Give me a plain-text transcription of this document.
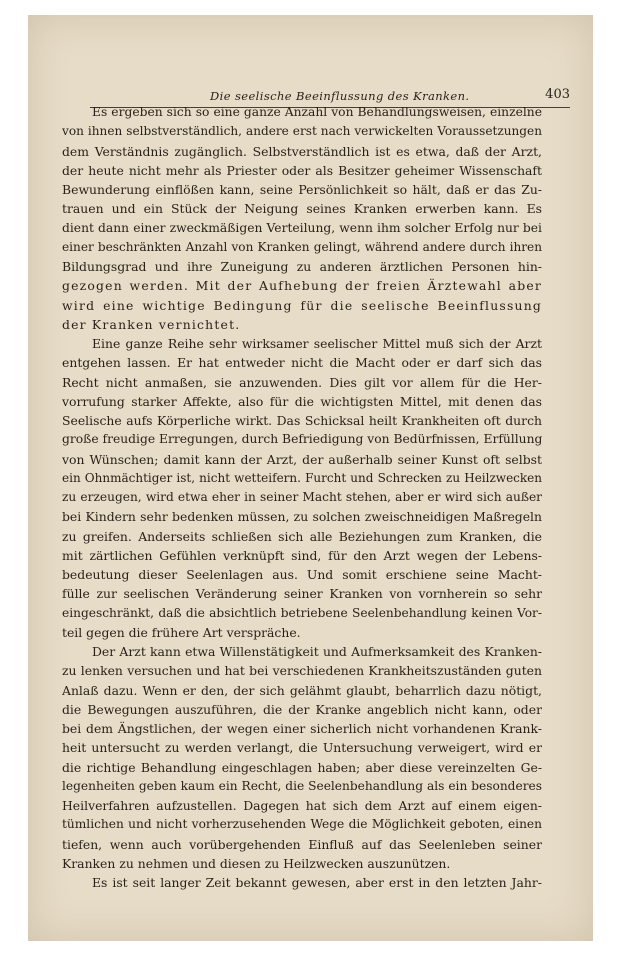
Die seelische Beeinflussung des Kranken.	403

Es ergeben sich so eine ganze Anzahl von Behandlungsweisen, einzelne
von ihnen selbstverständlich, andere erst nach verwickelten Voraussetzungen
dem Verständnis zugänglich. Selbstverständlich ist es etwa, daß der Arzt,
der heute nicht mehr als Priester oder als Besitzer geheimer Wissenschaft
Bewunderung einflößen kann, seine Persönlichkeit so hält, daß er das Zu-
trauen und ein Stück der Neigung seines Kranken erwerben kann. Es
dient dann einer zweckmäßigen Verteilung, wenn ihm solcher Erfolg nur bei
einer beschränkten Anzahl von Kranken gelingt, während andere durch ihren
Bildungsgrad und ihre Zuneigung zu anderen ärztlichen Personen hin-
gezogen werden. Mit der Aufhebung der freien Ärztewahl aber
wird eine wichtige Bedingung für die seelische Beeinflussung
der Kranken vernichtet.

Eine ganze Reihe sehr wirksamer seelischer Mittel muß sich der Arzt
entgehen lassen. Er hat entweder nicht die Macht oder er darf sich das
Recht nicht anmaßen, sie anzuwenden. Dies gilt vor allem für die Her-
vorrufung starker Affekte, also für die wichtigsten Mittel, mit denen das
Seelische aufs Körperliche wirkt. Das Schicksal heilt Krankheiten oft durch
große freudige Erregungen, durch Befriedigung von Bedürfnissen, Erfüllung
von Wünschen; damit kann der Arzt, der außerhalb seiner Kunst oft selbst
ein Ohnmächtiger ist, nicht wetteifern. Furcht und Schrecken zu Heilzwecken
zu erzeugen, wird etwa eher in seiner Macht stehen, aber er wird sich außer
bei Kindern sehr bedenken müssen, zu solchen zweischneidigen Maßregeln
zu greifen. Anderseits schließen sich alle Beziehungen zum Kranken, die
mit zärtlichen Gefühlen verknüpft sind, für den Arzt wegen der Lebens-
bedeutung dieser Seelenlagen aus. Und somit erschiene seine Macht-
fülle zur seelischen Veränderung seiner Kranken von vornherein so sehr
eingeschränkt, daß die absichtlich betriebene Seelenbehandlung keinen Vor-
teil gegen die frühere Art verspräche.

Der Arzt kann etwa Willenstätigkeit und Aufmerksamkeit des Kranken-
zu lenken versuchen und hat bei verschiedenen Krankheitszuständen guten
Anlaß dazu. Wenn er den, der sich gelähmt glaubt, beharrlich dazu nötigt,
die Bewegungen auszuführen, die der Kranke angeblich nicht kann, oder
bei dem Ängstlichen, der wegen einer sicherlich nicht vorhandenen Krank-
heit untersucht zu werden verlangt, die Untersuchung verweigert, wird er
die richtige Behandlung eingeschlagen haben; aber diese vereinzelten Ge-
legenheiten geben kaum ein Recht, die Seelenbehandlung als ein besonderes
Heilverfahren aufzustellen. Dagegen hat sich dem Arzt auf einem eigen-
tümlichen und nicht vorherzusehenden Wege die Möglichkeit geboten, einen
tiefen, wenn auch vorübergehenden Einfluß auf das Seelenleben seiner
Kranken zu nehmen und diesen zu Heilzwecken auszunützen.

Es ist seit langer Zeit bekannt gewesen, aber erst in den letzten Jahr-
